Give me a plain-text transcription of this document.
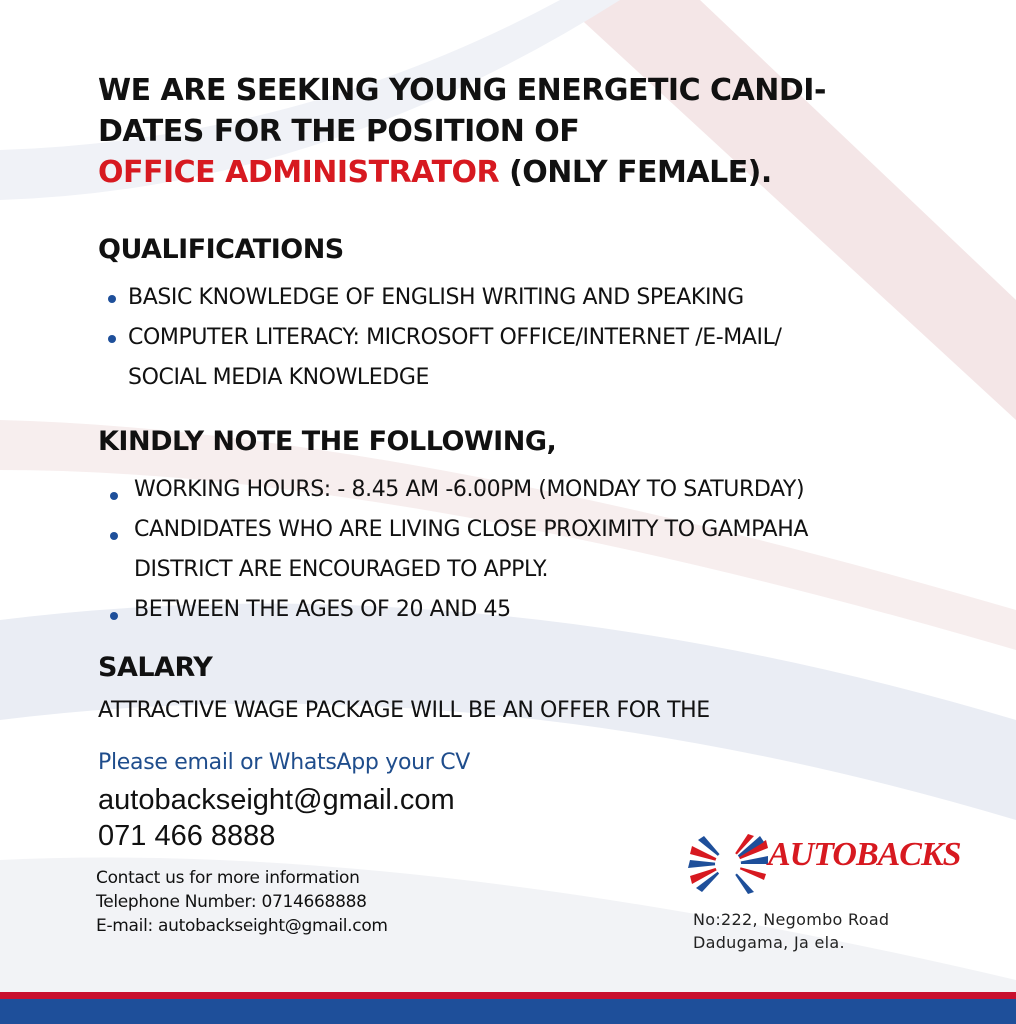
WE ARE SEEKING YOUNG ENERGETIC CANDI-
DATES FOR THE POSITION OF
OFFICE ADMINISTRATOR (ONLY FEMALE).
QUALIFICATIONS
BASIC KNOWLEDGE OF ENGLISH WRITING AND SPEAKING
COMPUTER LITERACY: MICROSOFT OFFICE/INTERNET /E-MAIL/
SOCIAL MEDIA KNOWLEDGE
KINDLY NOTE THE FOLLOWING,
WORKING HOURS: - 8.45 AM -6.00PM (MONDAY TO SATURDAY)
CANDIDATES WHO ARE LIVING CLOSE PROXIMITY TO GAMPAHA
DISTRICT ARE ENCOURAGED TO APPLY.
BETWEEN THE AGES OF 20 AND 45
SALARY
ATTRACTIVE WAGE PACKAGE WILL BE AN OFFER FOR THE
Please email or WhatsApp your CV
autobackseight@gmail.com
071 466 8888
Contact us for more information
Telephone Number: 0714668888
E-mail: autobackseight@gmail.com
AUTOBACKS
No:222, Negombo Road
Dadugama, Ja ela.
